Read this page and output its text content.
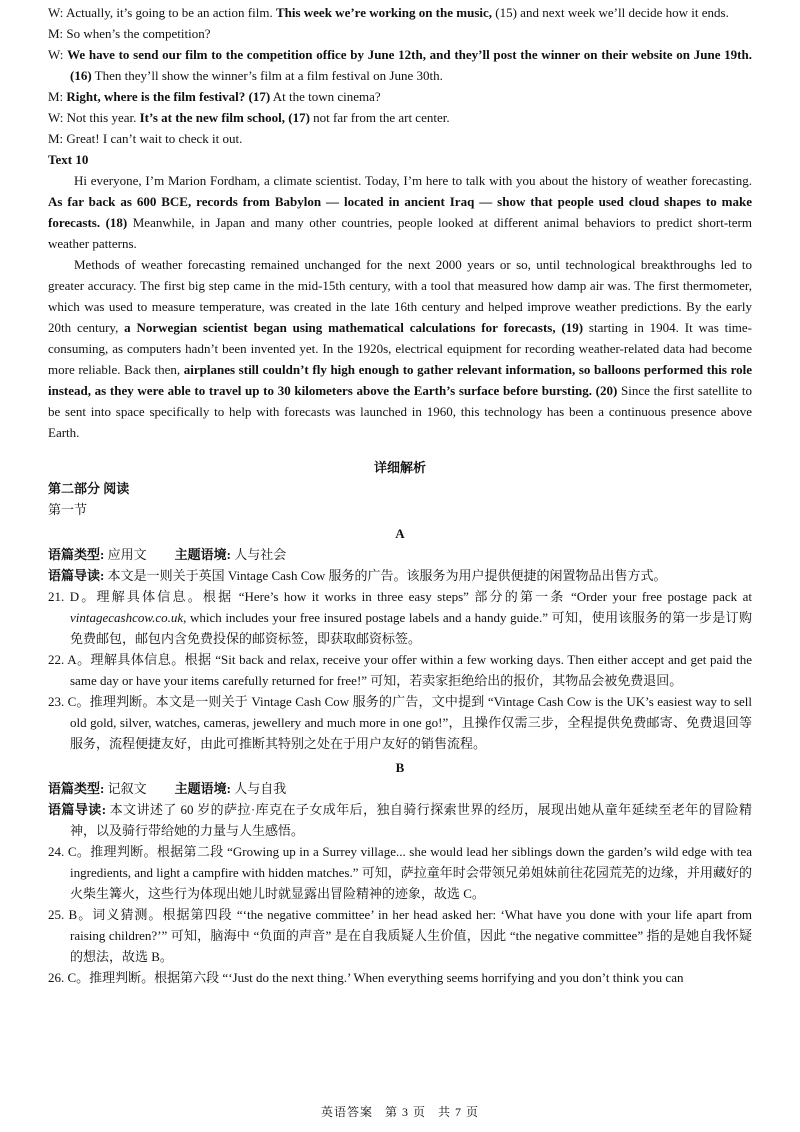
W: Actually, it’s going to be an action film. This week we’re working on the music, (15) and next week we’ll decide how it ends.

M: So when’s the competition?

W: We have to send our film to the competition office by June 12th, and they’ll post the winner on their website on June 19th. (16) Then they’ll show the winner’s film at a film festival on June 30th.

M: Right, where is the film festival? (17) At the town cinema?

W: Not this year. It’s at the new film school, (17) not far from the art center.

M: Great! I can’t wait to check it out.

Text 10

Hi everyone, I’m Marion Fordham, a climate scientist. Today, I’m here to talk with you about the history of weather forecasting. As far back as 600 BCE, records from Babylon — located in ancient Iraq — show that people used cloud shapes to make forecasts. (18) Meanwhile, in Japan and many other countries, people looked at different animal behaviors to predict short-term weather patterns.

Methods of weather forecasting remained unchanged for the next 2000 years or so, until technological breakthroughs led to greater accuracy. The first big step came in the mid-15th century, with a tool that measured how damp air was. The first thermometer, which was used to measure temperature, was created in the late 16th century and helped improve weather predictions. By the early 20th century, a Norwegian scientist began using mathematical calculations for forecasts, (19) starting in 1904. It was time-consuming, as computers hadn’t been invented yet. In the 1920s, electrical equipment for recording weather-related data had become more reliable. Back then, airplanes still couldn’t fly high enough to gather relevant information, so balloons performed this role instead, as they were able to travel up to 30 kilometers above the Earth’s surface before bursting. (20) Since the first satellite to be sent into space specifically to help with forecasts was launched in 1960, this technology has been a continuous presence above Earth.

详细解析

第二部分 阅读

第一节

A

语篇类型: 应用文 主题语境: 人与社会

语篇导读: 本文是一则关于英国 Vintage Cash Cow 服务的广告。该服务为用户提供便捷的闲置物品出售方式。

21. D。理解具体信息。根据 “Here’s how it works in three easy steps” 部分的第一条 “Order your free postage pack at vintagecashcow.co.uk, which includes your free insured postage labels and a handy guide.” 可知，使用该服务的第一步是订购免费邮包，邮包内含免费投保的邮资标签，即获取邮资标签。

22. A。理解具体信息。根据 “Sit back and relax, receive your offer within a few working days. Then either accept and get paid the same day or have your items carefully returned for free!” 可知，若卖家拒绝给出的报价，其物品会被免费退回。

23. C。推理判断。本文是一则关于 Vintage Cash Cow 服务的广告，文中提到 “Vintage Cash Cow is the UK’s easiest way to sell old gold, silver, watches, cameras, jewellery and much more in one go!”，且操作仅需三步，全程提供免费邮寄、免费退回等服务，流程便捷友好，由此可推断其特别之处在于用户友好的销售流程。

B

语篇类型: 记叙文 主题语境: 人与自我

语篇导读: 本文讲述了 60 岁的萨拉·库克在子女成年后，独自骑行探索世界的经历，展现出她从童年延续至老年的冒险精神，以及骑行带给她的力量与人生感悟。

24. C。推理判断。根据第二段 “Growing up in a Surrey village... she would lead her siblings down the garden’s wild edge with tea ingredients, and light a campfire with hidden matches.” 可知，萨拉童年时会带领兄弟姐妹前往花园荒芜的边缘，并用藏好的火柴生篝火，这些行为体现出她儿时就显露出冒险精神的迹象，故选 C。

25. B。词义猜测。根据第四段 “‘the negative committee’ in her head asked her: ‘What have you done with your life apart from raising children?’” 可知，脑海中 “负面的声音” 是在自我质疑人生价值，因此 “the negative committee” 指的是她自我怀疑的想法，故选 B。

26. C。推理判断。根据第六段 “‘Just do the next thing.’ When everything seems horrifying and you don’t think you can

英语答案 第 3 页 共 7 页
